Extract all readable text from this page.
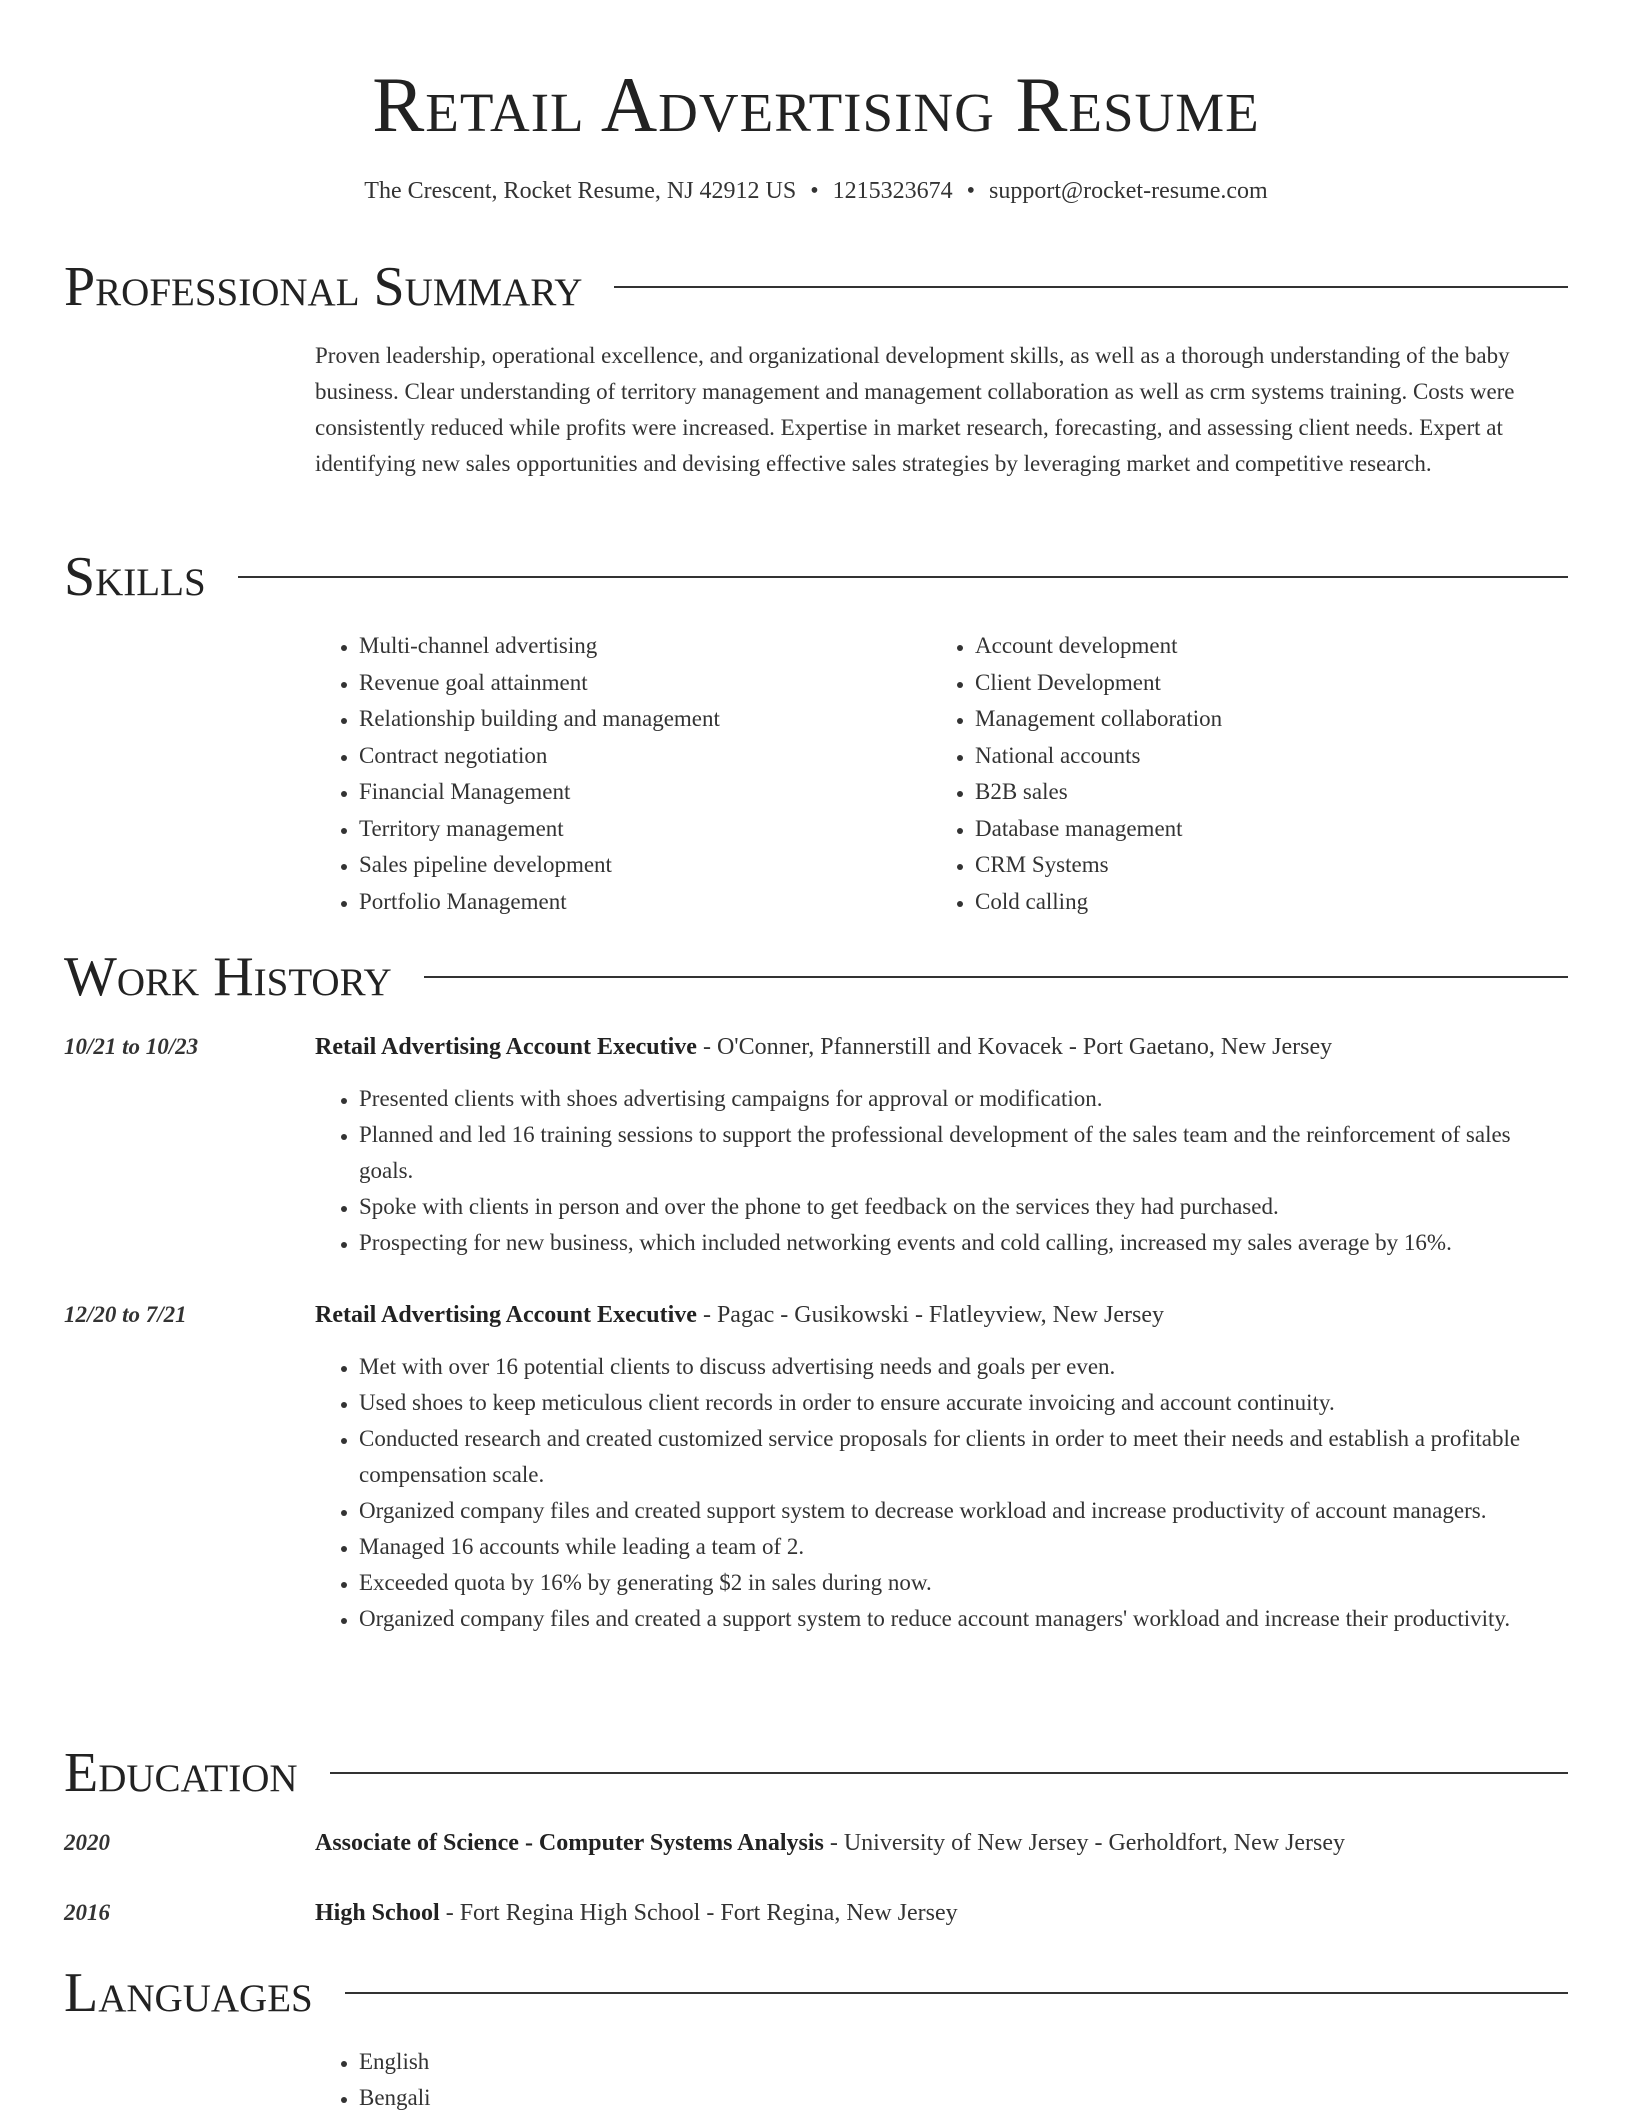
Retail Advertising Resume
The Crescent, Rocket Resume, NJ 42912 US • 1215323674 • support@rocket-resume.com
Professional Summary
Proven leadership, operational excellence, and organizational development skills, as well as a thorough understanding of the baby business. Clear understanding of territory management and management collaboration as well as crm systems training. Costs were consistently reduced while profits were increased. Expertise in market research, forecasting, and assessing client needs. Expert at identifying new sales opportunities and devising effective sales strategies by leveraging market and competitive research.
Skills
• Multi-channel advertising
• Revenue goal attainment
• Relationship building and management
• Contract negotiation
• Financial Management
• Territory management
• Sales pipeline development
• Portfolio Management
• Account development
• Client Development
• Management collaboration
• National accounts
• B2B sales
• Database management
• CRM Systems
• Cold calling
Work History
10/21 to 10/23	Retail Advertising Account Executive - O'Conner, Pfannerstill and Kovacek - Port Gaetano, New Jersey
• Presented clients with shoes advertising campaigns for approval or modification.
• Planned and led 16 training sessions to support the professional development of the sales team and the reinforcement of sales goals.
• Spoke with clients in person and over the phone to get feedback on the services they had purchased.
• Prospecting for new business, which included networking events and cold calling, increased my sales average by 16%.
12/20 to 7/21	Retail Advertising Account Executive - Pagac - Gusikowski - Flatleyview, New Jersey
• Met with over 16 potential clients to discuss advertising needs and goals per even.
• Used shoes to keep meticulous client records in order to ensure accurate invoicing and account continuity.
• Conducted research and created customized service proposals for clients in order to meet their needs and establish a profitable compensation scale.
• Organized company files and created support system to decrease workload and increase productivity of account managers.
• Managed 16 accounts while leading a team of 2.
• Exceeded quota by 16% by generating $2 in sales during now.
• Organized company files and created a support system to reduce account managers' workload and increase their productivity.
Education
2020	Associate of Science - Computer Systems Analysis - University of New Jersey - Gerholdfort, New Jersey
2016	High School - Fort Regina High School - Fort Regina, New Jersey
Languages
• English
• Bengali
